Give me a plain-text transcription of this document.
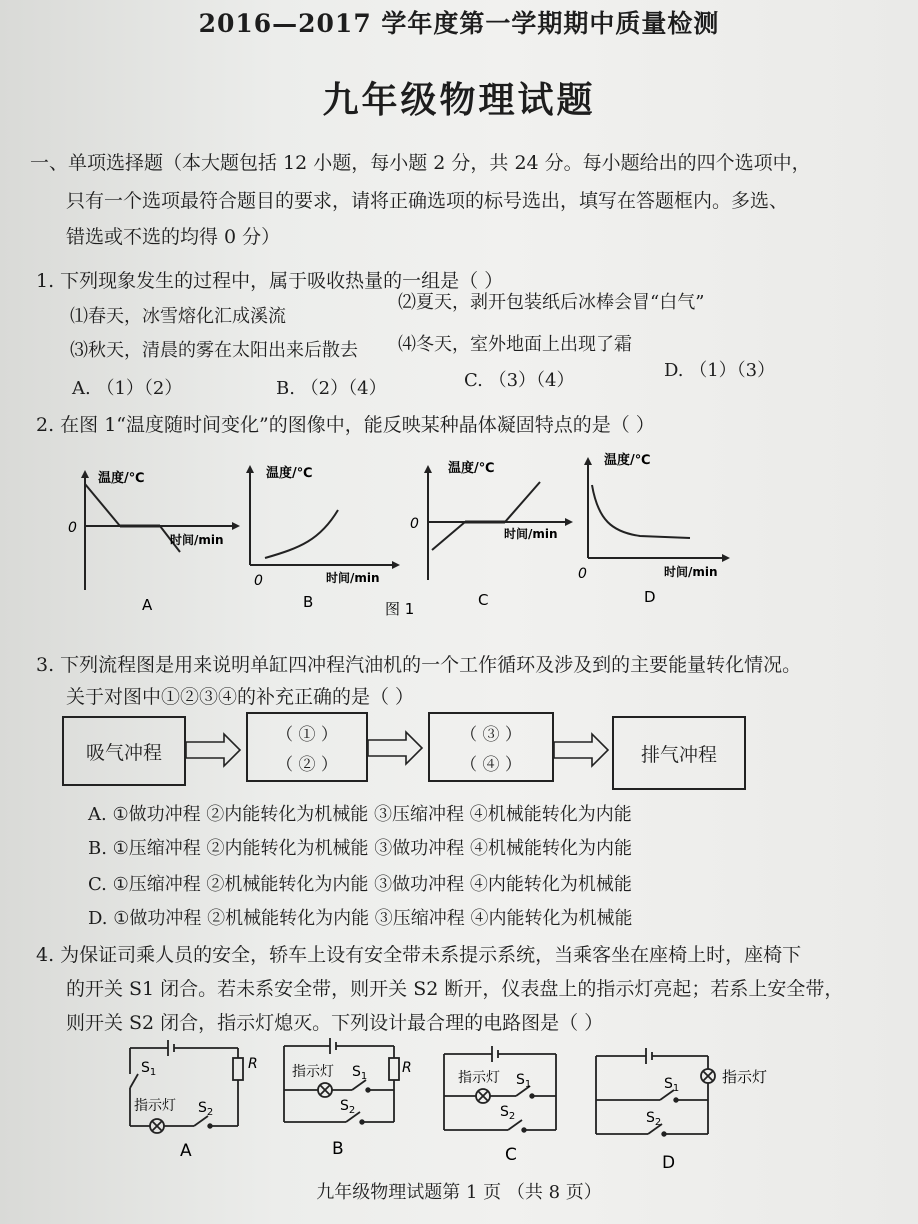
2016—2017 学年度第一学期期中质量检测
九年级物理试题
一、单项选择题（本大题包括 12 小题，每小题 2 分，共 24 分。每小题给出的四个选项中，
只有一个选项最符合题目的要求，请将正确选项的标号选出，填写在答题框内。多选、
错选或不选的均得 0 分）
1. 下列现象发生的过程中，属于吸收热量的一组是（ ）
⑴春天，冰雪熔化汇成溪流
⑵夏天，剥开包装纸后冰棒会冒“白气”
⑶秋天，清晨的雾在太阳出来后散去 ⑷冬天，室外地面上出现了霜
A. （1）（2）	B. （2）（4）	C. （3）（4）	D. （1）（3）
2. 在图 1“温度随时间变化”的图像中，能反映某种晶体凝固特点的是（ ）
温度/℃
时间/min
0
A
温度/℃
时间/min
0
B
温度/℃
时间/min
0
C
温度/℃
时间/min
0
D
图 1
3. 下列流程图是用来说明单缸四冲程汽油机的一个工作循环及涉及到的主要能量转化情况。
关于对图中①②③④的补充正确的是（ ）
吸气冲程
（ ① ）
（ ② ）
（ ③ ）
（ ④ ）	排气冲程
A. ①做功冲程 ②内能转化为机械能 ③压缩冲程 ④机械能转化为内能
B. ①压缩冲程 ②内能转化为机械能 ③做功冲程 ④机械能转化为内能
C. ①压缩冲程 ②机械能转化为内能 ③做功冲程 ④内能转化为机械能
D. ①做功冲程 ②机械能转化为内能 ③压缩冲程 ④内能转化为机械能
4. 为保证司乘人员的安全，轿车上设有安全带未系提示系统，当乘客坐在座椅上时，座椅下
的开关 S1 闭合。若未系安全带，则开关 S2 断开，仪表盘上的指示灯亮起；若系上安全带，
则开关 S2 闭合，指示灯熄灭。下列设计最合理的电路图是（ ）
$S_1$
R
指示灯 $S_2$
A
指示灯 $S_1$
R
$S_2$
B
指示灯 $S_1$
$S_2$
C
指示灯
$S_1$
$S_2$
D
九年级物理试题第 1 页 （共 8 页）
